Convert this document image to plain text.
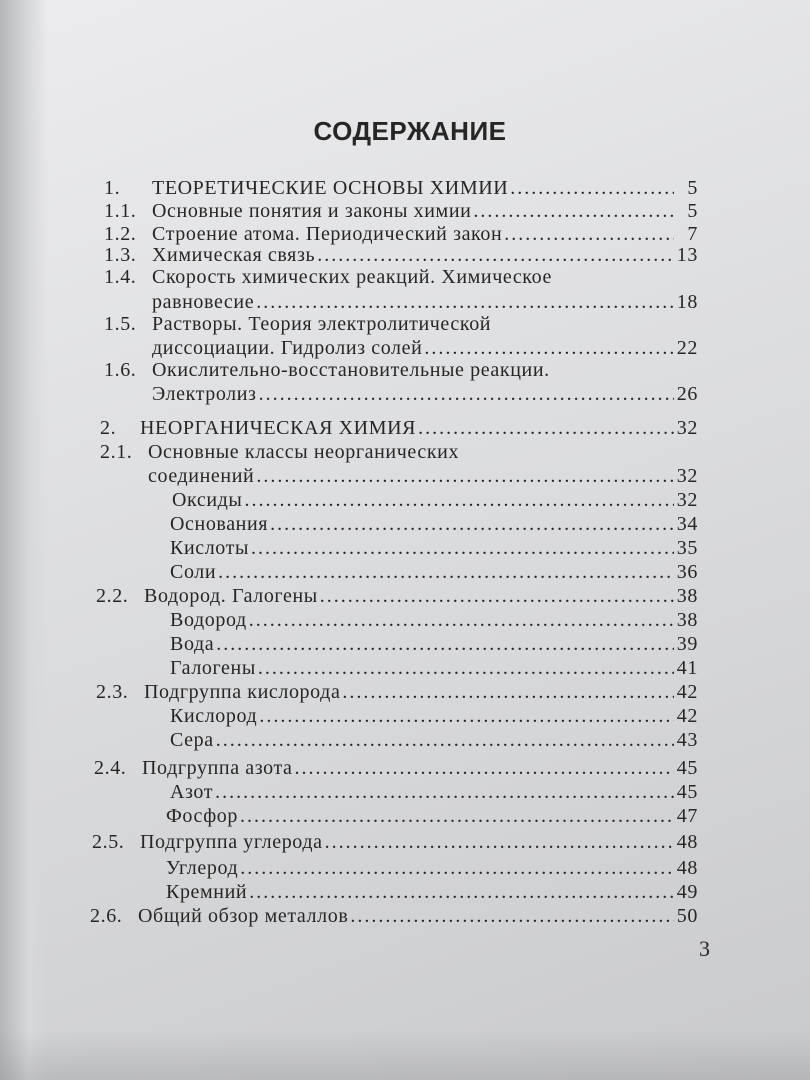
СОДЕРЖАНИЕ
1.	ТЕОРЕТИЧЕСКИЕ ОСНОВЫ ХИМИИ .....	5
1.1. Основные понятия и законы химии .....	5
1.2. Строение атома. Периодический закон .....	7
1.3. Химическая связь .....	13
1.4. Скорость химических реакций. Химическое
равновесие .....	18
1.5. Растворы. Теория электролитической
диссоциации. Гидролиз солей .....	22
1.6. Окислительно-восстановительные реакции.
Электролиз .....	26
2.	НЕОРГАНИЧЕСКАЯ ХИМИЯ .....	32
2.1. Основные классы неорганических
соединений .....	32
Оксиды .....	32
Основания .....	34
Кислоты .....	35
Соли .....	36
2.2. Водород. Галогены .....	38
Водород .....	38
Вода .....	39
Галогены .....	41
2.3. Подгруппа кислорода .....	42
Кислород .....	42
Сера .....	43
2.4. Подгруппа азота .....	45
Азот .....	45
Фосфор .....	47
2.5. Подгруппа углерода .....	48
Углерод .....	48
Кремний .....	49
2.6. Общий обзор металлов .....	50
3
